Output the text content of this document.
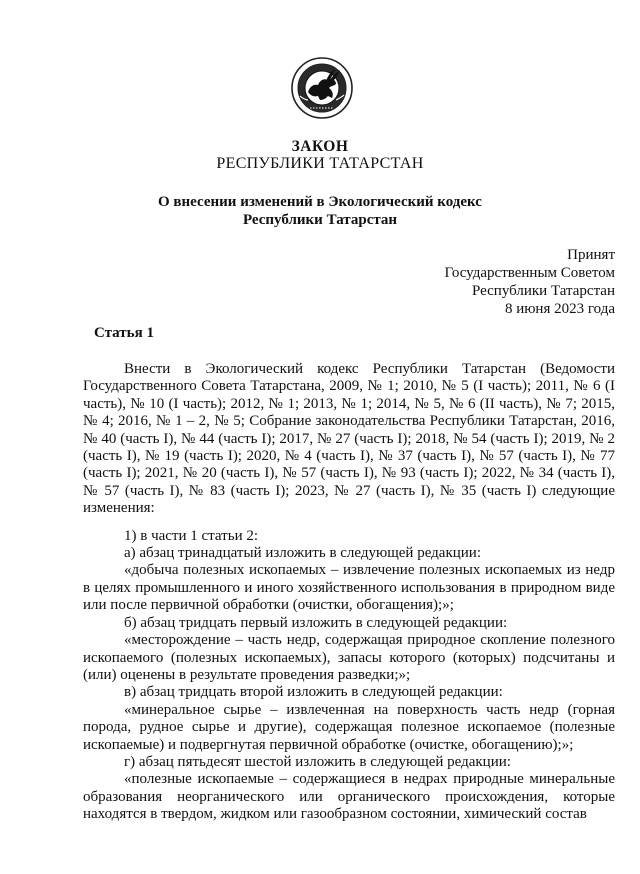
ЗАКОН
РЕСПУБЛИКИ ТАТАРСТАН
О внесении изменений в Экологический кодекс
Республики Татарстан
Принят
Государственным Советом
Республики Татарстан
8 июня 2023 года
Статья 1

Внести в Экологический кодекс Республики Татарстан (Ведомости Государственного Совета Татарстана, 2009, № 1; 2010, № 5 (I часть); 2011, № 6 (I часть), № 10 (I часть); 2012, № 1; 2013, № 1; 2014, № 5, № 6 (II часть), № 7; 2015, № 4; 2016, № 1 – 2, № 5; Собрание законодательства Республики Татарстан, 2016, № 40 (часть I), № 44 (часть I); 2017, № 27 (часть I); 2018, № 54 (часть I); 2019, № 2 (часть I), № 19 (часть I); 2020, № 4 (часть I), № 37 (часть I), № 57 (часть I), № 77 (часть I); 2021, № 20 (часть I), № 57 (часть I), № 93 (часть I); 2022, № 34 (часть I), № 57 (часть I), № 83 (часть I); 2023, № 27 (часть I), № 35 (часть I) следующие изменения:

1) в части 1 статьи 2:

а) абзац тринадцатый изложить в следующей редакции:

«добыча полезных ископаемых – извлечение полезных ископаемых из недр в целях промышленного и иного хозяйственного использования в природном виде или после первичной обработки (очистки, обогащения);»;

б) абзац тридцать первый изложить в следующей редакции:

«месторождение – часть недр, содержащая природное скопление полезного ископаемого (полезных ископаемых), запасы которого (которых) подсчитаны и (или) оценены в результате проведения разведки;»;

в) абзац тридцать второй изложить в следующей редакции:

«минеральное сырье – извлеченная на поверхность часть недр (горная порода, рудное сырье и другие), содержащая полезное ископаемое (полезные ископаемые) и подвергнутая первичной обработке (очистке, обогащению);»;

г) абзац пятьдесят шестой изложить в следующей редакции:

«полезные ископаемые – содержащиеся в недрах природные минеральные образования неорганического или органического происхождения, которые находятся в твердом, жидком или газообразном состоянии, химический состав
